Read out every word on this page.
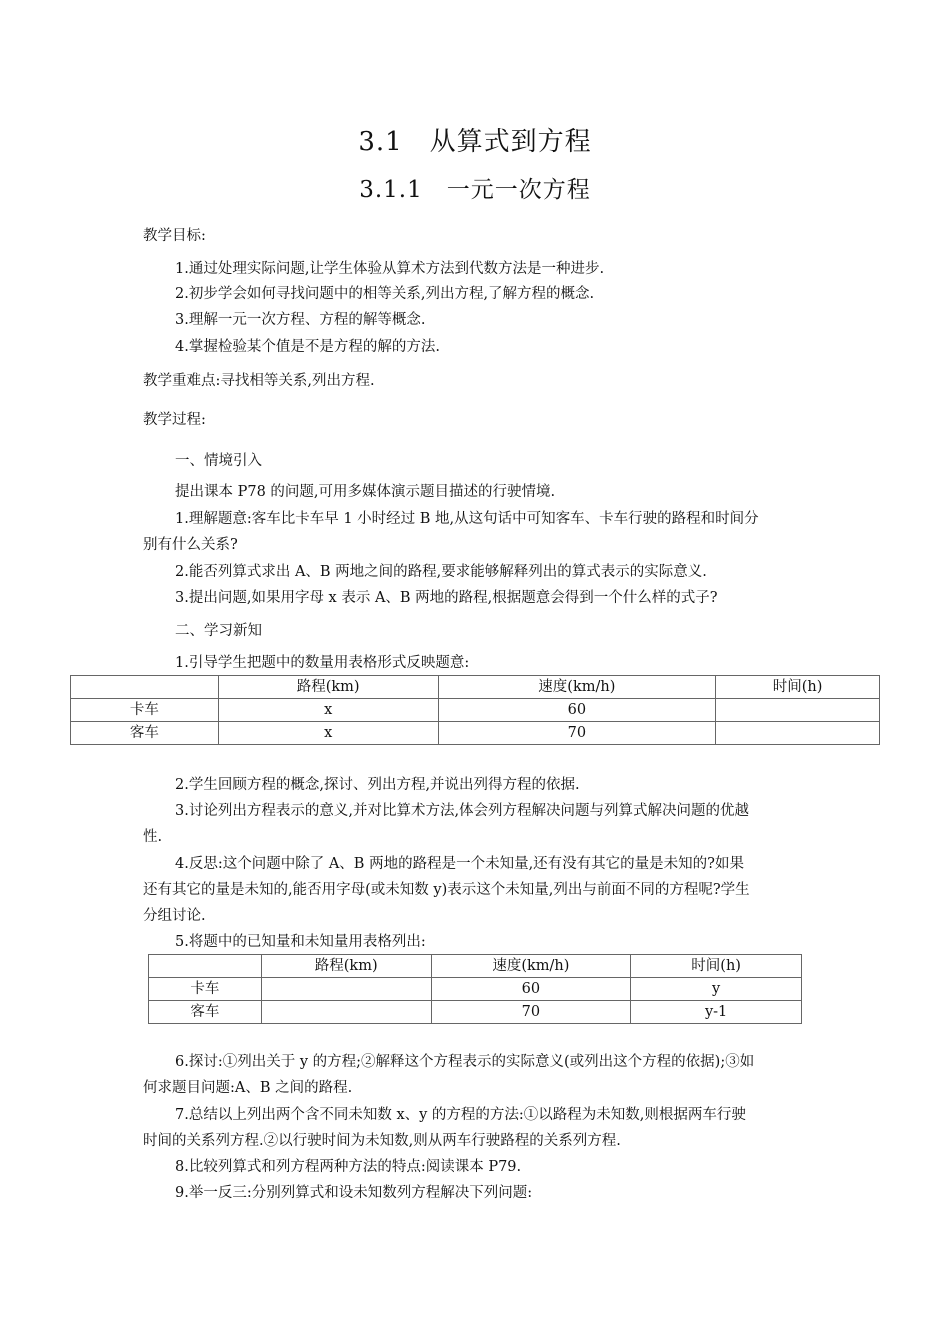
3.1　从算式到方程
3.1.1　一元一次方程
教学目标:
1.通过处理实际问题,让学生体验从算术方法到代数方法是一种进步.
2.初步学会如何寻找问题中的相等关系,列出方程,了解方程的概念.
3.理解一元一次方程、方程的解等概念.
4.掌握检验某个值是不是方程的解的方法.
教学重难点:寻找相等关系,列出方程.
教学过程:
一、情境引入
提出课本 P78 的问题,可用多媒体演示题目描述的行驶情境.
1.理解题意:客车比卡车早 1 小时经过 B 地,从这句话中可知客车、卡车行驶的路程和时间分
别有什么关系?
2.能否列算式求出 A、B 两地之间的路程,要求能够解释列出的算式表示的实际意义.
3.提出问题,如果用字母 x 表示 A、B 两地的路程,根据题意会得到一个什么样的式子?
二、学习新知
1.引导学生把题中的数量用表格形式反映题意:
	路程(km)	速度(km/h)	时间(h)
卡车	x	60	
客车	x	70	
2.学生回顾方程的概念,探讨、列出方程,并说出列得方程的依据.
3.讨论列出方程表示的意义,并对比算术方法,体会列方程解决问题与列算式解决问题的优越
性.
4.反思:这个问题中除了 A、B 两地的路程是一个未知量,还有没有其它的量是未知的?如果
还有其它的量是未知的,能否用字母(或未知数 y)表示这个未知量,列出与前面不同的方程呢?学生
分组讨论.
5.将题中的已知量和未知量用表格列出:
	路程(km)	速度(km/h)	时间(h)
卡车		60	y
客车		70	y-1
6.探讨:①列出关于 y 的方程;②解释这个方程表示的实际意义(或列出这个方程的依据);③如
何求题目问题:A、B 之间的路程.
7.总结以上列出两个含不同未知数 x、y 的方程的方法:①以路程为未知数,则根据两车行驶
时间的关系列方程.②以行驶时间为未知数,则从两车行驶路程的关系列方程.
8.比较列算式和列方程两种方法的特点:阅读课本 P79.
9.举一反三:分别列算式和设未知数列方程解决下列问题:
